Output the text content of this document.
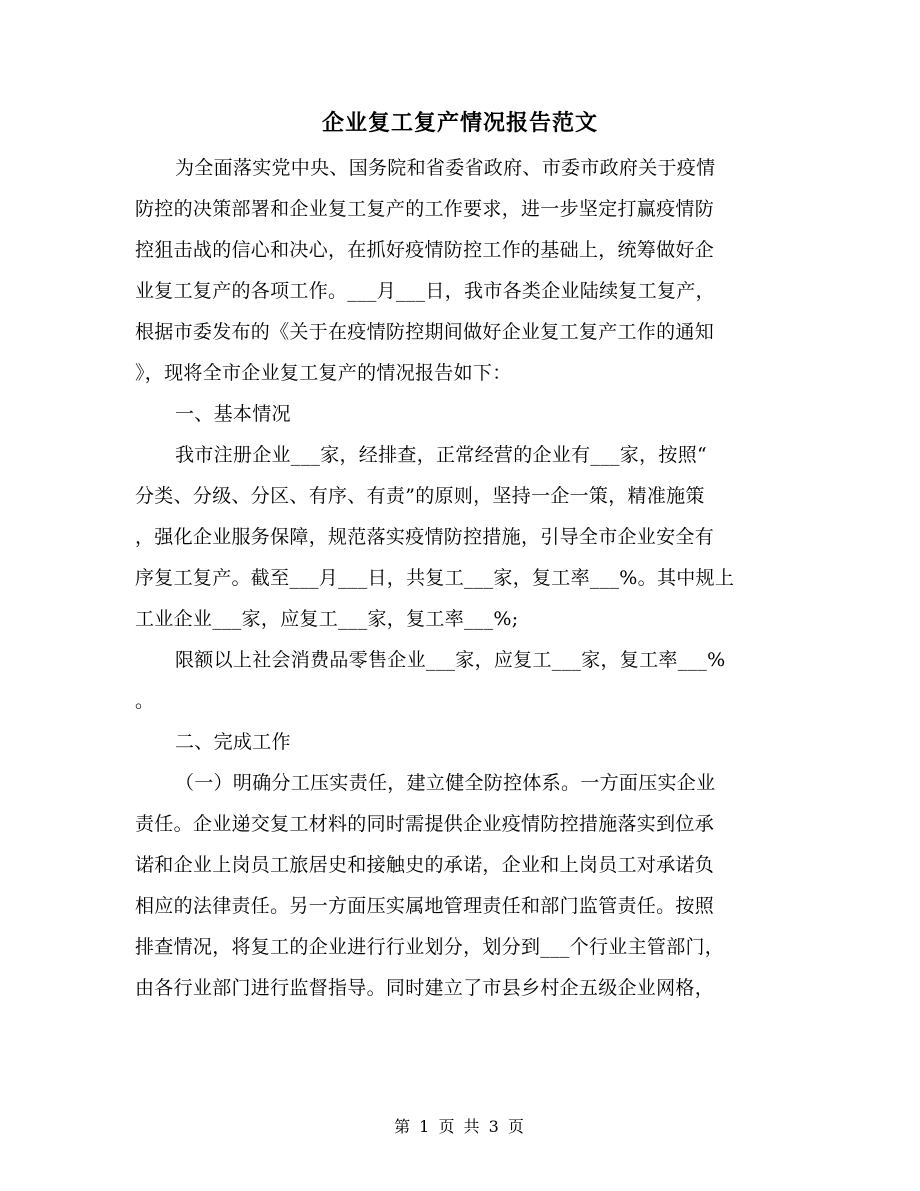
企业复工复产情况报告范文
为全面落实党中央、国务院和省委省政府、市委市政府关于疫情
防控的决策部署和企业复工复产的工作要求，进一步坚定打赢疫情防
控狙击战的信心和决心，在抓好疫情防控工作的基础上，统筹做好企
业复工复产的各项工作。___月___日，我市各类企业陆续复工复产，
根据市委发布的《关于在疫情防控期间做好企业复工复产工作的通知
》，现将全市企业复工复产的情况报告如下：
一、基本情况
我市注册企业___家，经排查，正常经营的企业有___家，按照“
分类、分级、分区、有序、有责”的原则，坚持一企一策，精准施策
，强化企业服务保障，规范落实疫情防控措施，引导全市企业安全有
序复工复产。截至___月___日，共复工___家，复工率___%。其中规上
工业企业___家，应复工___家，复工率___%;
限额以上社会消费品零售企业___家，应复工___家，复工率___%
。
二、完成工作
（一）明确分工压实责任，建立健全防控体系。一方面压实企业
责任。企业递交复工材料的同时需提供企业疫情防控措施落实到位承
诺和企业上岗员工旅居史和接触史的承诺，企业和上岗员工对承诺负
相应的法律责任。另一方面压实属地管理责任和部门监管责任。按照
排查情况，将复工的企业进行行业划分，划分到___个行业主管部门，
由各行业部门进行监督指导。同时建立了市县乡村企五级企业网格，
第 1 页 共 3 页
